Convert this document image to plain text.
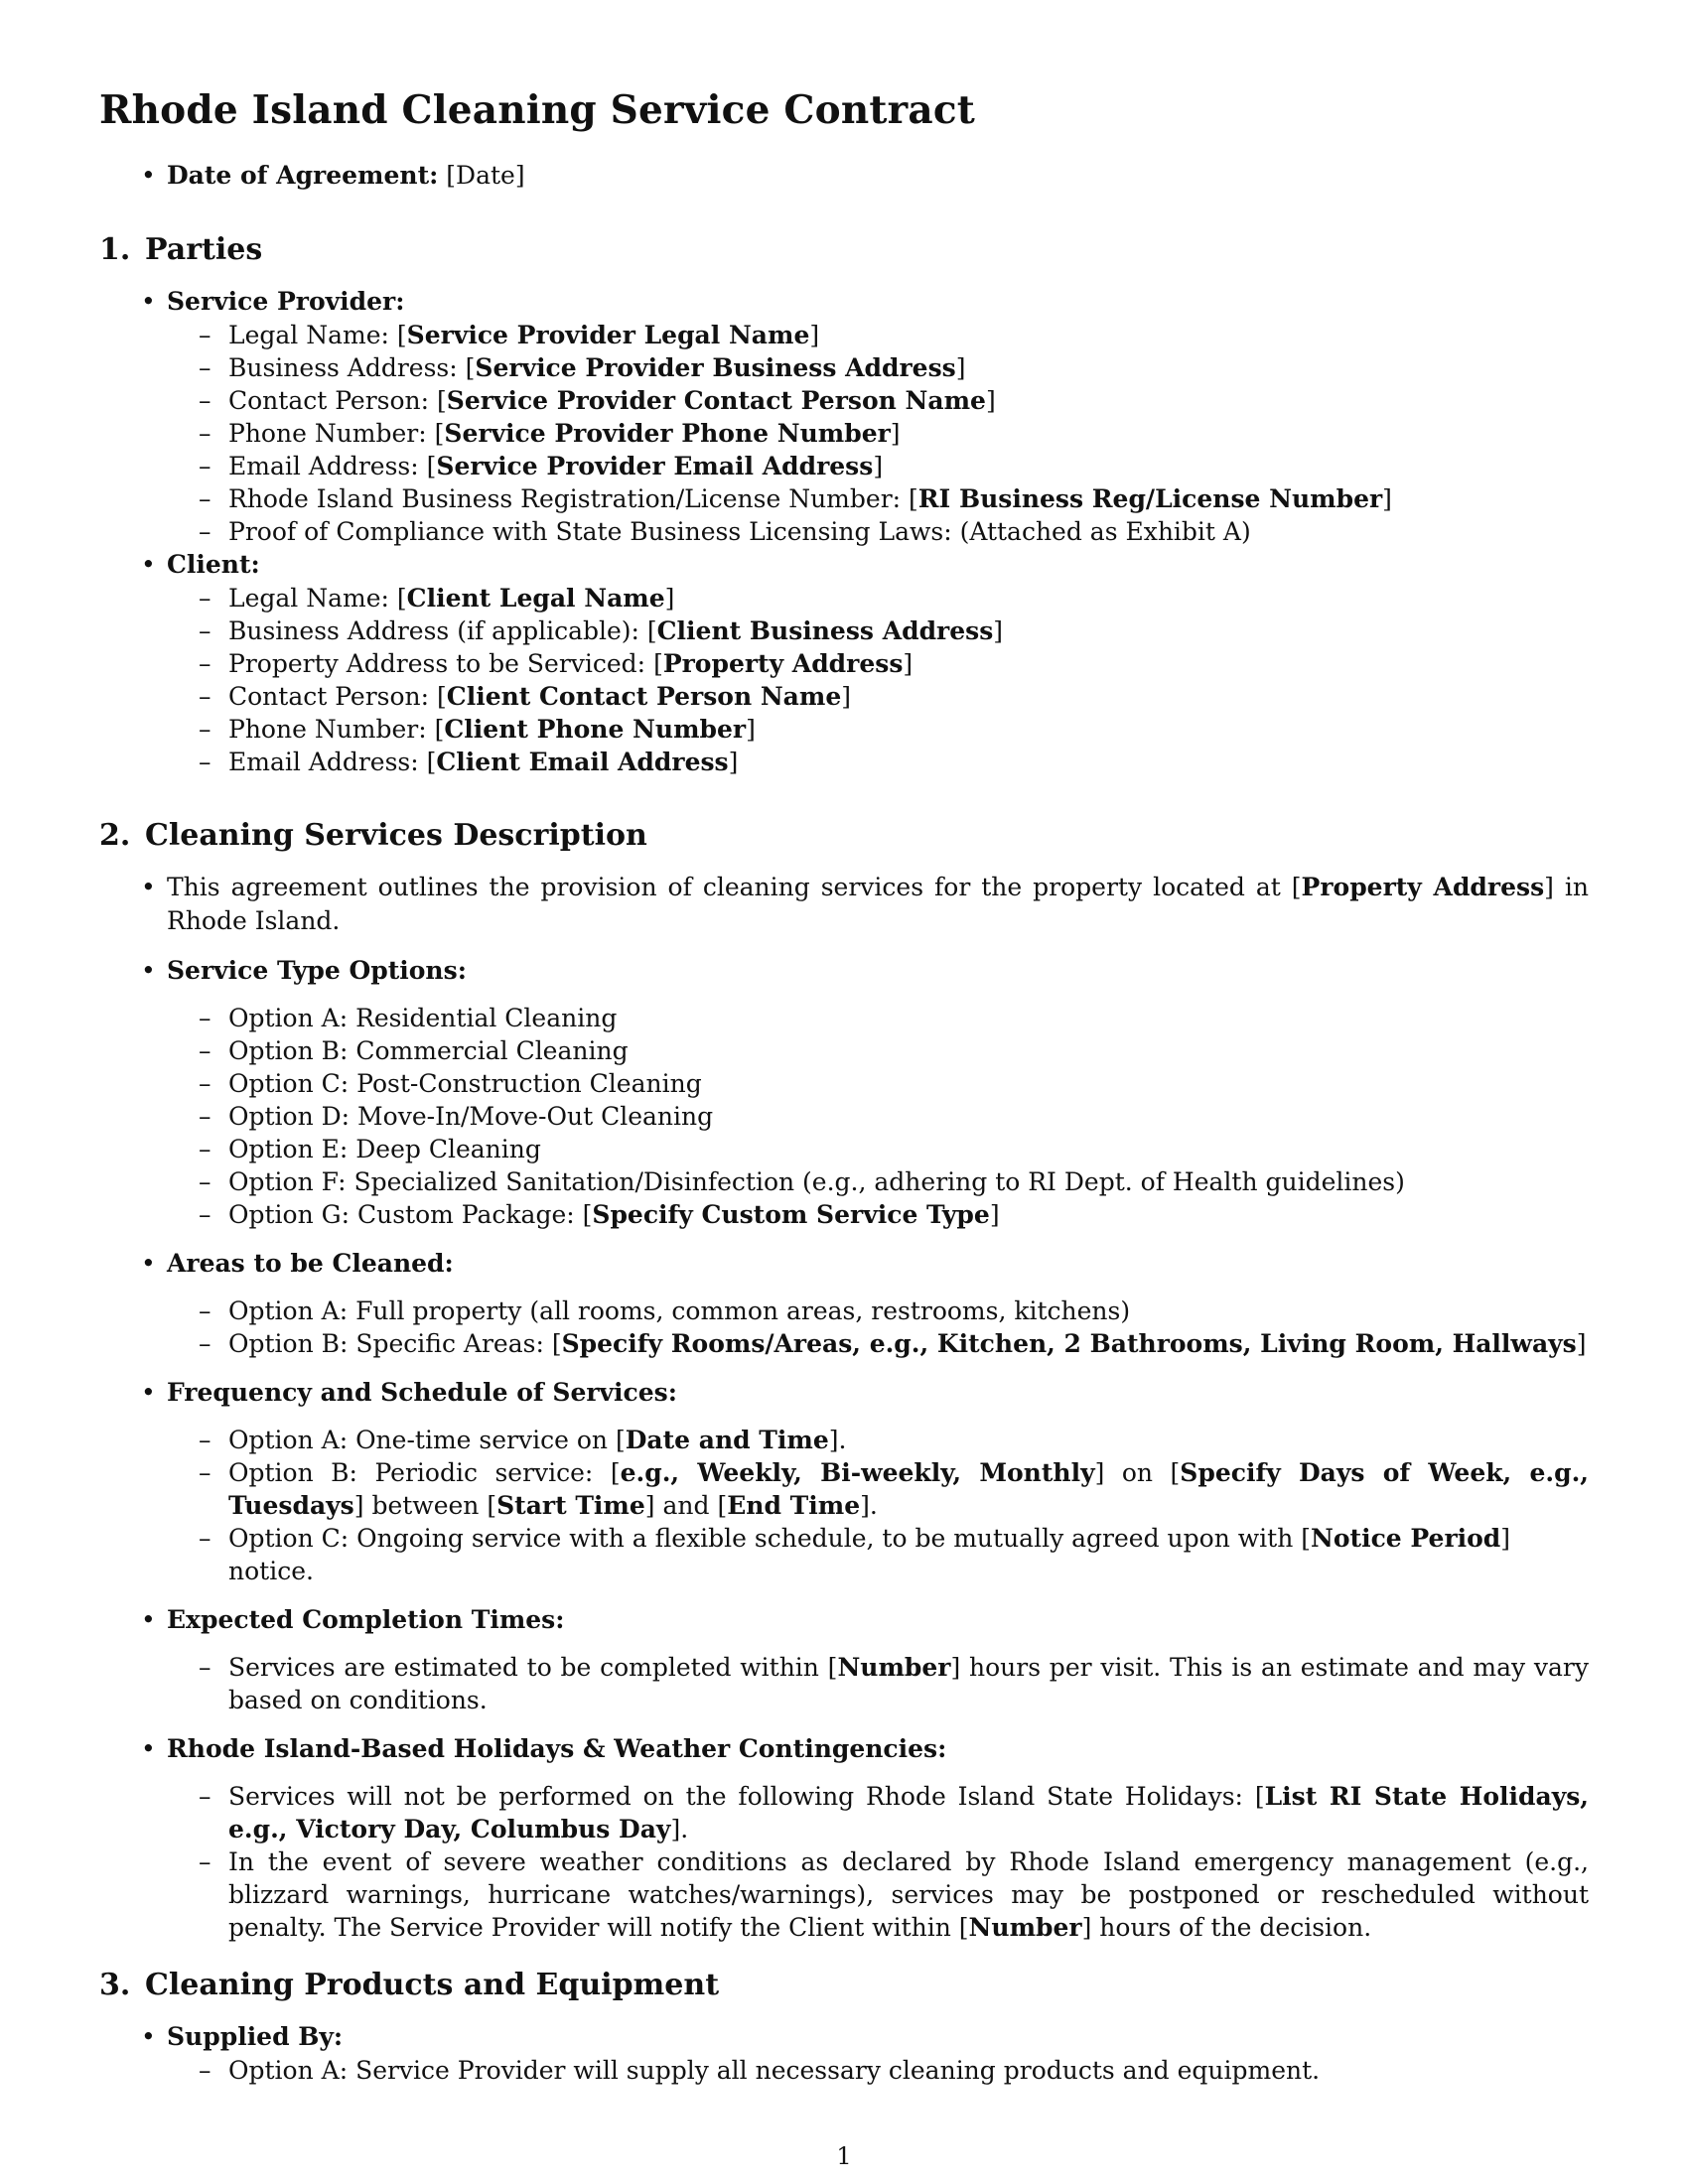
Rhode Island Cleaning Service Contract
• Date of Agreement: [Date]
1. Parties
• Service Provider:
– Legal Name: [Service Provider Legal Name]
– Business Address: [Service Provider Business Address]
– Contact Person: [Service Provider Contact Person Name]
– Phone Number: [Service Provider Phone Number]
– Email Address: [Service Provider Email Address]
– Rhode Island Business Registration/License Number: [RI Business Reg/License Number]
– Proof of Compliance with State Business Licensing Laws: (Attached as Exhibit A)
• Client:
– Legal Name: [Client Legal Name]
– Business Address (if applicable): [Client Business Address]
– Property Address to be Serviced: [Property Address]
– Contact Person: [Client Contact Person Name]
– Phone Number: [Client Phone Number]
– Email Address: [Client Email Address]
2. Cleaning Services Description
• This agreement outlines the provision of cleaning services for the property located at [Property Address] in Rhode Island.
• Service Type Options:
– Option A: Residential Cleaning
– Option B: Commercial Cleaning
– Option C: Post-Construction Cleaning
– Option D: Move-In/Move-Out Cleaning
– Option E: Deep Cleaning
– Option F: Specialized Sanitation/Disinfection (e.g., adhering to RI Dept. of Health guidelines)
– Option G: Custom Package: [Specify Custom Service Type]
• Areas to be Cleaned:
– Option A: Full property (all rooms, common areas, restrooms, kitchens)
– Option B: Specific Areas: [Specify Rooms/Areas, e.g., Kitchen, 2 Bathrooms, Living Room, Hallways]
• Frequency and Schedule of Services:
– Option A: One-time service on [Date and Time].
– Option B: Periodic service: [e.g., Weekly, Bi-weekly, Monthly] on [Specify Days of Week, e.g., Tuesdays] between [Start Time] and [End Time].
– Option C: Ongoing service with a flexible schedule, to be mutually agreed upon with [Notice Period] notice.
• Expected Completion Times:
– Services are estimated to be completed within [Number] hours per visit. This is an estimate and may vary based on conditions.
• Rhode Island-Based Holidays & Weather Contingencies:
– Services will not be performed on the following Rhode Island State Holidays: [List RI State Holidays, e.g., Victory Day, Columbus Day].
– In the event of severe weather conditions as declared by Rhode Island emergency management (e.g., blizzard warnings, hurricane watches/warnings), services may be postponed or rescheduled without penalty. The Service Provider will notify the Client within [Number] hours of the decision.
3. Cleaning Products and Equipment
• Supplied By:
– Option A: Service Provider will supply all necessary cleaning products and equipment.
1
